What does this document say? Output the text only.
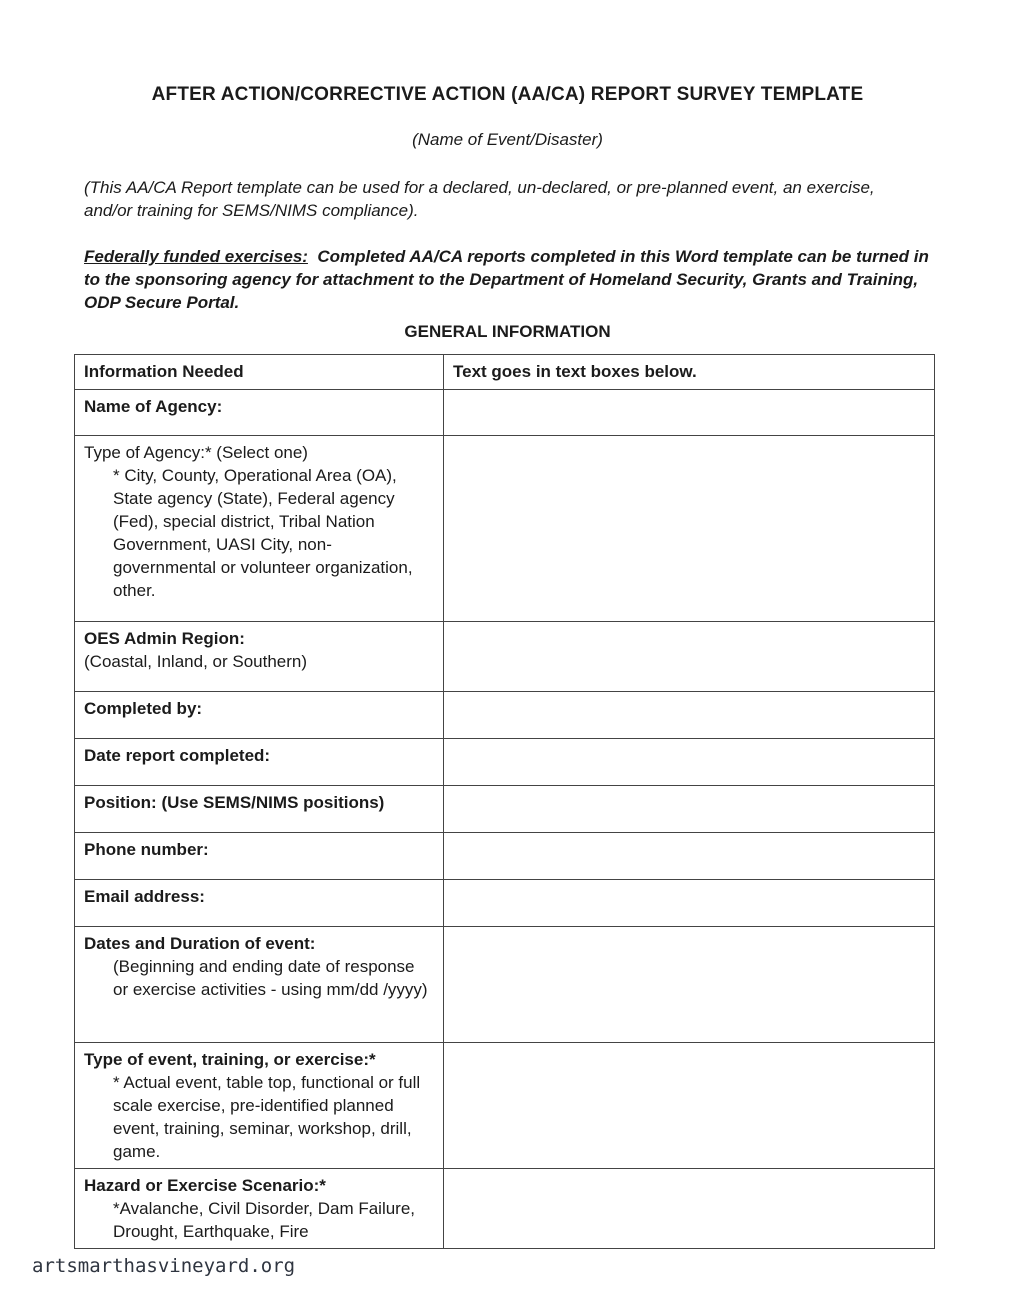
AFTER ACTION/CORRECTIVE ACTION (AA/CA) REPORT SURVEY TEMPLATE
(Name of Event/Disaster)
(This AA/CA Report template can be used for a declared, un-declared, or pre-planned event, an exercise, and/or training for SEMS/NIMS compliance).
Federally funded exercises: Completed AA/CA reports completed in this Word template can be turned in to the sponsoring agency for attachment to the Department of Homeland Security, Grants and Training, ODP Secure Portal.
GENERAL INFORMATION
Information Needed	Text goes in text boxes below.
Name of Agency:	
Type of Agency:* (Select one)
* City, County, Operational Area (OA), State agency (State), Federal agency (Fed), special district, Tribal Nation Government, UASI City, non-governmental or volunteer organization, other.	

OES Admin Region:
(Coastal, Inland, or Southern)	
Completed by:	
Date report completed:	
Position: (Use SEMS/NIMS positions)	
Phone number:	
Email address:	
Dates and Duration of event:
(Beginning and ending date of response or exercise activities - using mm/dd /yyyy)	

Type of event, training, or exercise:*
* Actual event, table top, functional or full scale exercise, pre-identified planned event, training, seminar, workshop, drill, game.	

Hazard or Exercise Scenario:*
*Avalanche, Civil Disorder, Dam Failure, Drought, Earthquake, Fire	

artsmarthasvineyard.org
